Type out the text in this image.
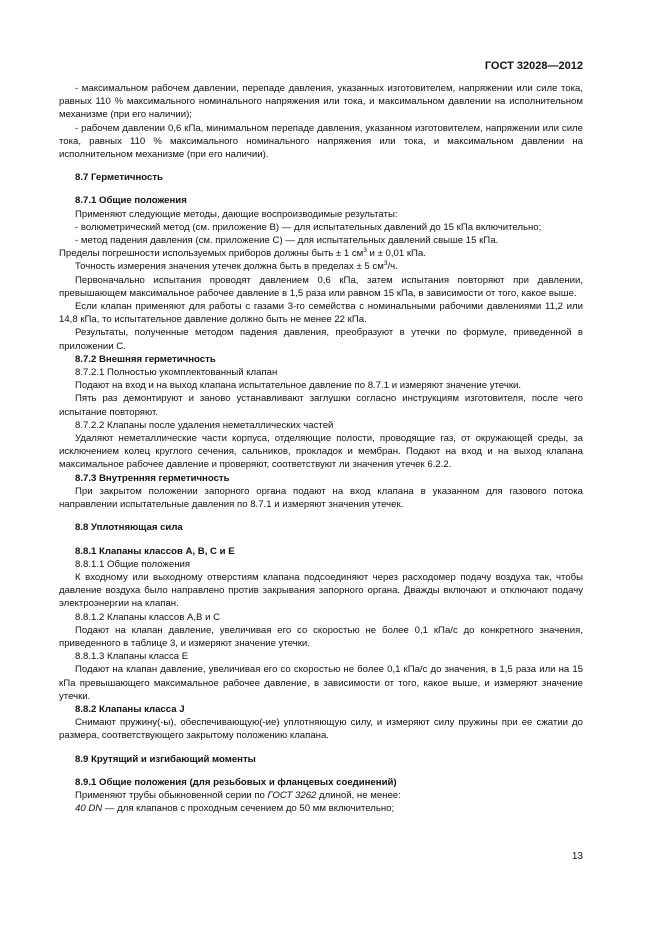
ГОСТ 32028—2012

- максимальном рабочем давлении, перепаде давления, указанных изготовителем, напряжении или силе тока, равных 110 % максимального номинального напряжения или тока, и максимальном давлении на исполнительном механизме (при его наличии);

- рабочем давлении 0,6 кПа, минимальном перепаде давления, указанном изготовителем, напряжении или силе тока, равных 110 % максимального номинального напряжения или тока, и максимальном давлении на исполнительном механизме (при его наличии).

8.7 Герметичность

8.7.1 Общие положения

Применяют следующие методы, дающие воспроизводимые результаты:

- волюметрический метод (см. приложение B) — для испытательных давлений до 15 кПа включительно;

- метод падения давления (см. приложение C) — для испытательных давлений свыше 15 кПа.

Пределы погрешности используемых приборов должны быть ± 1 $см^3$ и ± 0,01 кПа.

Точность измерения значения утечек должна быть в пределах ± 5 $см^3/ч$.

Первоначально испытания проводят давлением 0,6 кПа, затем испытания повторяют при давлении, превышающем максимальное рабочее давление в 1,5 раза или равном 15 кПа, в зависимости от того, какое выше.

Если клапан применяют для работы с газами 3-го семейства с номинальными рабочими давлениями 11,2 или 14,8 кПа, то испытательное давление должно быть не менее 22 кПа.

Результаты, полученные методом падения давления, преобразуют в утечки по формуле, приведенной в приложении C.

8.7.2 Внешняя герметичность

8.7.2.1 Полностью укомплектованный клапан

Подают на вход и на выход клапана испытательное давление по 8.7.1 и измеряют значение утечки.

Пять раз демонтируют и заново устанавливают заглушки согласно инструкциям изготовителя, после чего испытание повторяют.

8.7.2.2 Клапаны после удаления неметаллических частей

Удаляют неметаллические части корпуса, отделяющие полости, проводящие газ, от окружающей среды, за исключением колец круглого сечения, сальников, прокладок и мембран. Подают на вход и на выход клапана максимальное рабочее давление и проверяют, соответствуют ли значения утечек 6.2.2.

8.7.3 Внутренняя герметичность

При закрытом положении запорного органа подают на вход клапана в указанном для газового потока направлении испытательные давления по 8.7.1 и измеряют значения утечек.

8.8 Уплотняющая сила

8.8.1 Клапаны классов A, B, C и E

8.8.1.1 Общие положения

К входному или выходному отверстиям клапана подсоединяют через расходомер подачу воздуха так, чтобы давление воздуха было направлено против закрывания запорного органа. Дважды включают и отключают подачу электроэнергии на клапан.

8.8.1.2 Клапаны классов A,B и C

Подают на клапан давление, увеличивая его со скоростью не более 0,1 кПа/с до конкретного значения, приведенного в таблице 3, и измеряют значение утечки.

8.8.1.3 Клапаны класса E

Подают на клапан давление, увеличивая его со скоростью не более 0,1 кПа/с до значения, в 1,5 раза или на 15 кПа превышающего максимальное рабочее давление, в зависимости от того, какое выше, и измеряют значение утечки.

8.8.2 Клапаны класса J

Снимают пружину(-ы), обеспечивающую(-ие) уплотняющую силу, и измеряют силу пружины при ее сжатии до размера, соответствующего закрытому положению клапана.

8.9 Крутящий и изгибающий моменты

8.9.1 Общие положения (для резьбовых и фланцевых соединений)

Применяют трубы обыкновенной серии по ГОСТ 3262 длиной, не менее:

40 DN — для клапанов с проходным сечением до 50 мм включительно;

13
